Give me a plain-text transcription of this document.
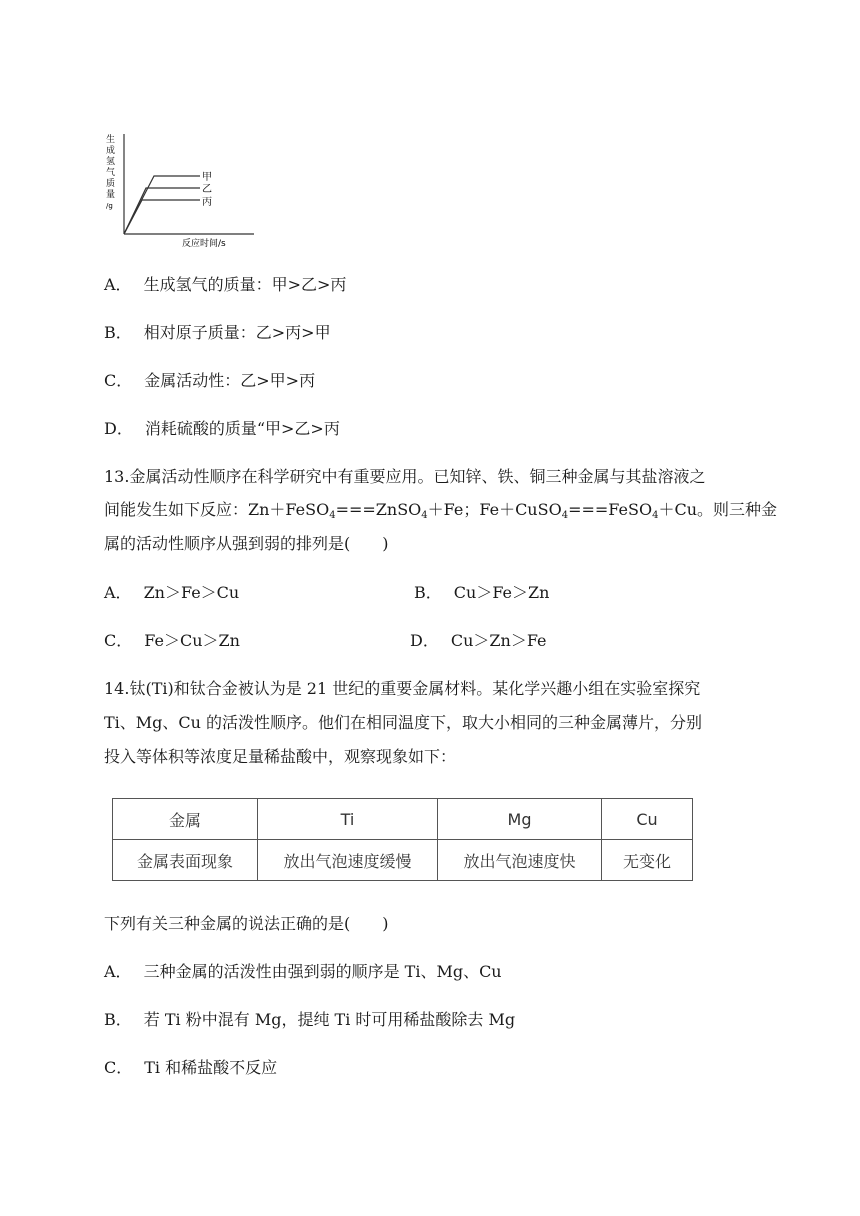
生
成
氢
气
质
量
/g
甲
乙
丙
反应时间/s
A． 生成氢气的质量：甲>乙>丙
B． 相对原子质量：乙>丙>甲
C． 金属活动性：乙>甲>丙
D． 消耗硫酸的质量“甲>乙>丙
13.金属活动性顺序在科学研究中有重要应用。已知锌、铁、铜三种金属与其盐溶液之
间能发生如下反应：Zn＋FeSO$_4$===ZnSO$_4$＋Fe；Fe＋CuSO$_4$===FeSO$_4$＋Cu。则三种金
属的活动性顺序从强到弱的排列是(　　)
A． Zn＞Fe＞Cu	B． Cu＞Fe＞Zn
C． Fe＞Cu＞Zn	D． Cu＞Zn＞Fe
14.钛(Ti)和钛合金被认为是 21 世纪的重要金属材料。某化学兴趣小组在实验室探究
Ti、Mg、Cu 的活泼性顺序。他们在相同温度下，取大小相同的三种金属薄片，分别
投入等体积等浓度足量稀盐酸中，观察现象如下：
金属	Ti	Mg	Cu
金属表面现象	放出气泡速度缓慢	放出气泡速度快	无变化
下列有关三种金属的说法正确的是(　　)
A． 三种金属的活泼性由强到弱的顺序是 Ti、Mg、Cu
B． 若 Ti 粉中混有 Mg，提纯 Ti 时可用稀盐酸除去 Mg
C． Ti 和稀盐酸不反应
